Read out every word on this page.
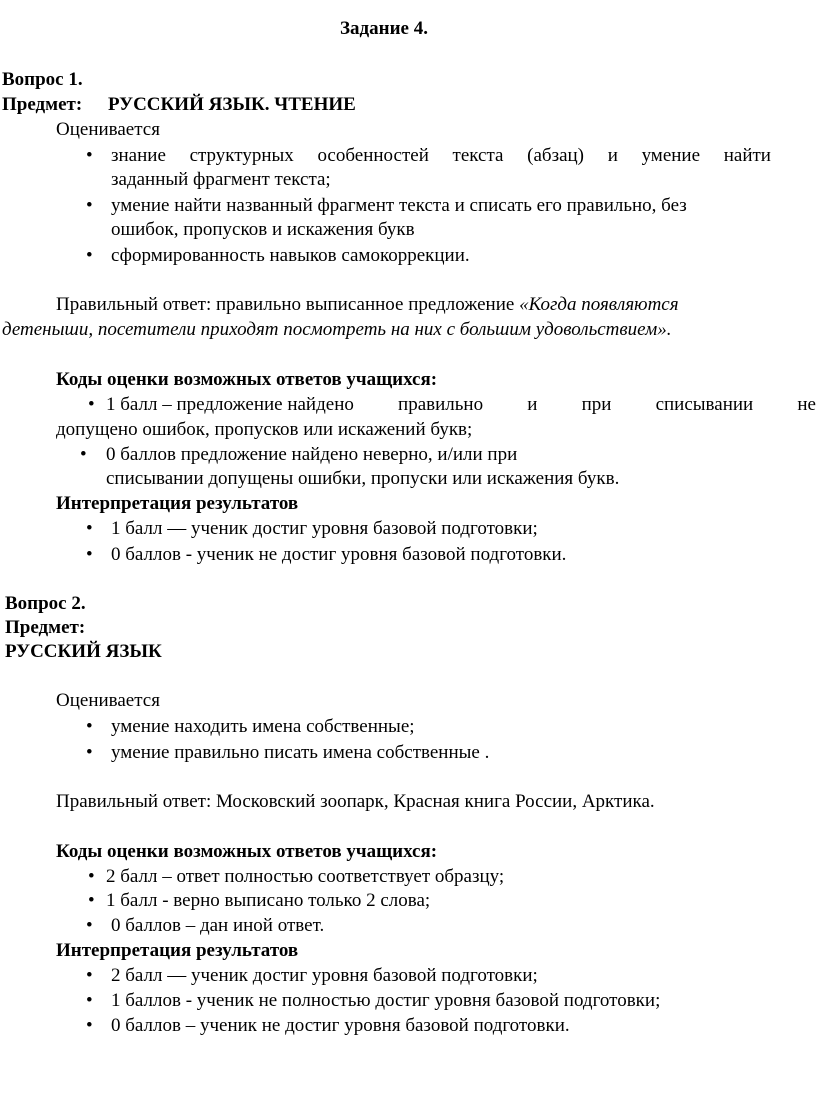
Задание 4.
Вопрос 1.
Предмет: РУССКИЙ ЯЗЫК. ЧТЕНИЕ
Оценивается
• знание структурных особенностей текста (абзац) и умение найти
заданный фрагмент текста;
• умение найти названный фрагмент текста и списать его правильно, без
ошибок, пропусков и искажения букв
• сформированность навыков самокоррекции.
Правильный ответ: правильно выписанное предложение «Когда появляются
детеныши, посетители приходят посмотреть на них с большим удовольствием».
Коды оценки возможных ответов учащихся:
• 1 балл – предложение найдено правильно и при списывании не
допущено ошибок, пропусков или искажений букв;
• 0 баллов предложение найдено неверно, и/или при
списывании допущены ошибки, пропуски или искажения букв.
Интерпретация результатов
• 1 балл — ученик достиг уровня базовой подготовки;
• 0 баллов - ученик не достиг уровня базовой подготовки.
Вопрос 2.
Предмет:
РУССКИЙ ЯЗЫК
Оценивается
• умение находить имена собственные;
• умение правильно писать имена собственные .
Правильный ответ: Московский зоопарк, Красная книга России, Арктика.
Коды оценки возможных ответов учащихся:
• 2 балл – ответ полностью соответствует образцу;
• 1 балл - верно выписано только 2 слова;
• 0 баллов – дан иной ответ.
Интерпретация результатов
• 2 балл — ученик достиг уровня базовой подготовки;
• 1 баллов - ученик не полностью достиг уровня базовой подготовки;
• 0 баллов – ученик не достиг уровня базовой подготовки.
